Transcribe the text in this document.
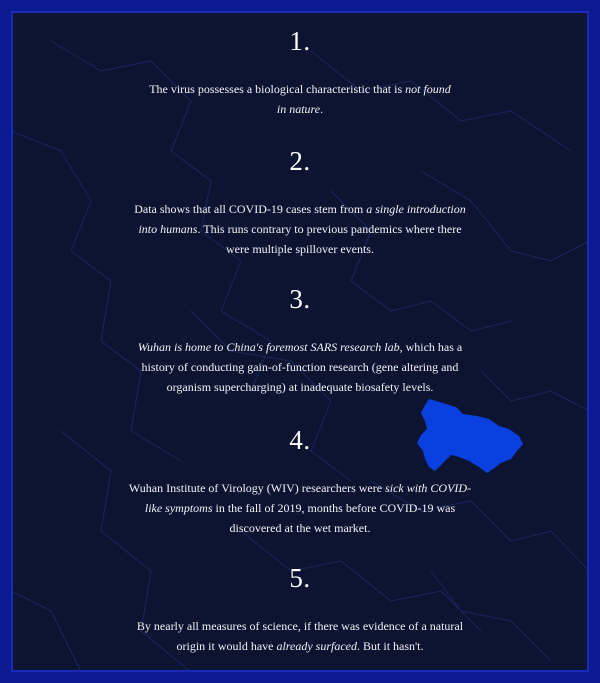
1.
The virus possesses a biological characteristic that is not found
in nature.
2.
Data shows that all COVID-19 cases stem from a single introduction
into humans. This runs contrary to previous pandemics where there
were multiple spillover events.
3.
Wuhan is home to China's foremost SARS research lab, which has a
history of conducting gain-of-function research (gene altering and
organism supercharging) at inadequate biosafety levels.
4.
Wuhan Institute of Virology (WIV) researchers were sick with COVID-
like symptoms in the fall of 2019, months before COVID-19 was
discovered at the wet market.
5.
By nearly all measures of science, if there was evidence of a natural
origin it would have already surfaced. But it hasn't.
